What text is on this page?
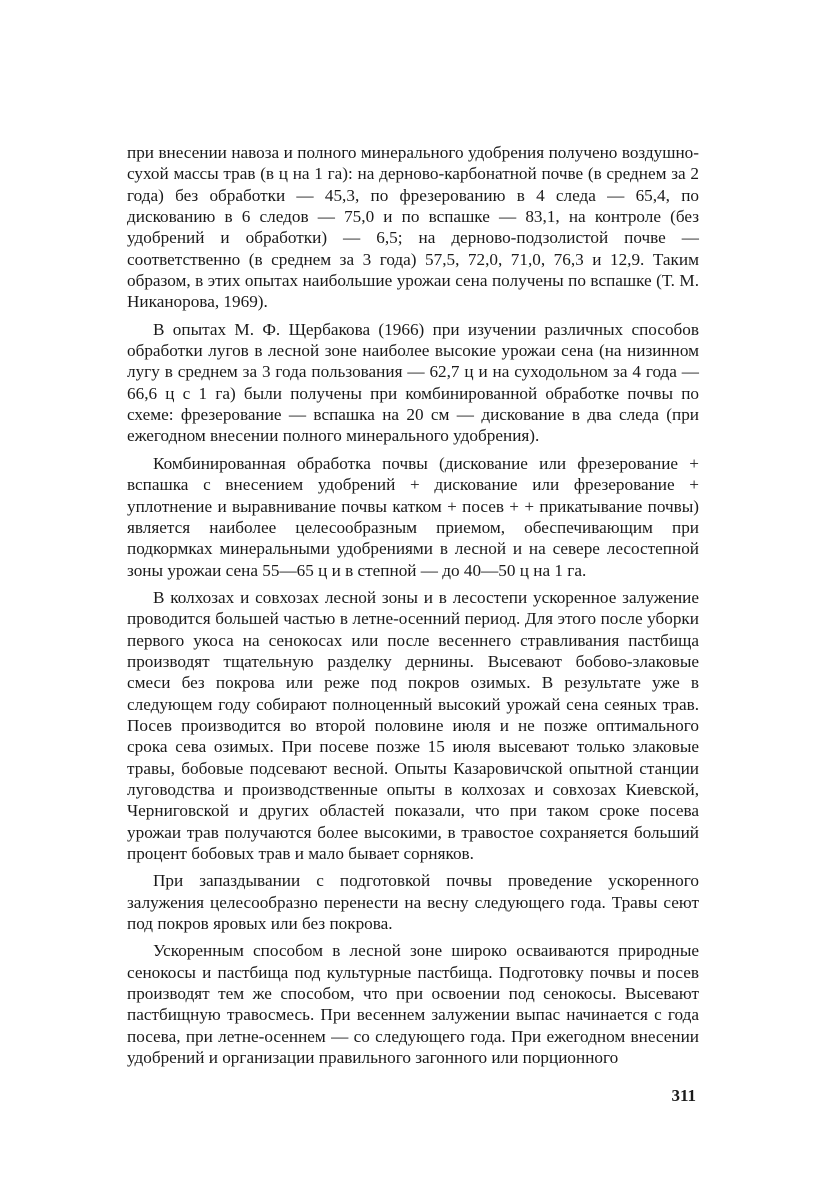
при внесении навоза и полного минерального удобрения получено воздушно-сухой массы трав (в ц на 1 га): на дерново-карбонатной почве (в среднем за 2 года) без обработки — 45,3, по фрезерованию в 4 следа — 65,4, по дискованию в 6 следов — 75,0 и по вспашке — 83,1, на контроле (без удобрений и обработки) — 6,5; на дерново-подзолистой почве — соответственно (в среднем за 3 года) 57,5, 72,0, 71,0, 76,3 и 12,9. Таким образом, в этих опытах наибольшие урожаи сена получены по вспашке (Т. М. Никанорова, 1969).

В опытах М. Ф. Щербакова (1966) при изучении различных способов обработки лугов в лесной зоне наиболее высокие урожаи сена (на низинном лугу в среднем за 3 года пользования — 62,7 ц и на суходольном за 4 года — 66,6 ц с 1 га) были получены при комбинированной обработке почвы по схеме: фрезерование — вспашка на 20 см — дискование в два следа (при ежегодном внесении полного минерального удобрения).

Комбинированная обработка почвы (дискование или фрезерование + вспашка с внесением удобрений + дискование или фрезерование + уплотнение и выравнивание почвы катком + посев + + прикатывание почвы) является наиболее целесообразным приемом, обеспечивающим при подкормках минеральными удобрениями в лесной и на севере лесостепной зоны урожаи сена 55—65 ц и в степной — до 40—50 ц на 1 га.

В колхозах и совхозах лесной зоны и в лесостепи ускоренное залужение проводится большей частью в летне-осенний период. Для этого после уборки первого укоса на сенокосах или после весеннего стравливания пастбища производят тщательную разделку дернины. Высевают бобово-злаковые смеси без покрова или реже под покров озимых. В результате уже в следующем году собирают полноценный высокий урожай сена сеяных трав. Посев производится во второй половине июля и не позже оптимального срока сева озимых. При посеве позже 15 июля высевают только злаковые травы, бобовые подсевают весной. Опыты Казаровичской опытной станции луговодства и производственные опыты в колхозах и совхозах Киевской, Черниговской и других областей показали, что при таком сроке посева урожаи трав получаются более высокими, в травостое сохраняется больший процент бобовых трав и мало бывает сорняков.

При запаздывании с подготовкой почвы проведение ускоренного залужения целесообразно перенести на весну следующего года. Травы сеют под покров яровых или без покрова.

Ускоренным способом в лесной зоне широко осваиваются природные сенокосы и пастбища под культурные пастбища. Подготовку почвы и посев производят тем же способом, что при освоении под сенокосы. Высевают пастбищную травосмесь. При весеннем залужении выпас начинается с года посева, при летне-осеннем — со следующего года. При ежегодном внесении удобрений и организации правильного загонного или порционного

311
